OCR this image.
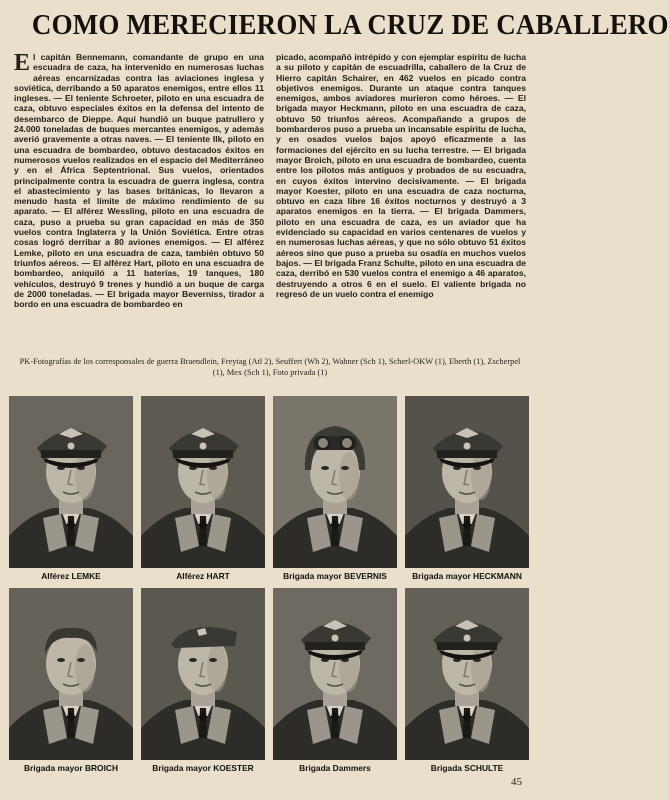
COMO MERECIERON LA CRUZ DE CABALLERO
El capitán Bennemann, comandante de grupo en una escuadra de caza, ha intervenido en numerosas luchas aéreas encarnizadas contra las aviaciones inglesa y soviética, derribando a 50 aparatos enemigos, entre ellos 11 ingleses. — El teniente Schroeter, piloto en una escuadra de caza, obtuvo especiales éxitos en la defensa del intento de desembarco de Dieppe. Aquí hundió un buque patrullero y 24.000 toneladas de buques mercantes enemigos, y además averió gravemente a otras naves. — El teniente Ilk, piloto en una escuadra de bombardeo, obtuvo destacados éxitos en numerosos vuelos realizados en el espacio del Mediterráneo y en el África Septentrional. Sus vuelos, orientados principalmente contra la escuadra de guerra inglesa, contra el abastecimiento y las bases británicas, lo llevaron a menudo hasta el límite de máximo rendimiento de su aparato. — El alférez Wessling, piloto en una escuadra de caza, puso a prueba su gran capacidad en más de 350 vuelos contra Inglaterra y la Unión Soviética. Entre otras cosas logró derribar a 80 aviones enemigos. — El alférez Lemke, piloto en una escuadra de caza, también obtuvo 50 triunfos aéreos. — El alférez Hart, piloto en una escuadra de bombardeo, aniquiló a 11 baterías, 19 tanques, 180 vehículos, destruyó 9 trenes y hundió a un buque de carga de 2000 toneladas. — El brigada mayor Beverniss, tirador a bordo en una escuadra de bombardeo en
picado, acompañó intrépido y con ejemplar espíritu de lucha a su piloto y capitán de escuadrilla, caballero de la Cruz de Hierro capitán Schairer, en 462 vuelos en picado contra objetivos enemigos. Durante un ataque contra tanques enemigos, ambos aviadores murieron como héroes. — El brigada mayor Heckmann, piloto en una escuadra de caza, obtuvo 50 triunfos aéreos. Acompañando a grupos de bombarderos puso a prueba un incansable espíritu de lucha, y en osados vuelos bajos apoyó eficazmente a las formaciones del ejército en su lucha terrestre. — El brigada mayor Broich, piloto en una escuadra de bombardeo, cuenta entre los pilotos más antiguos y probados de su escuadra, en cuyos éxitos intervino decisivamente. — El brigada mayor Koester, piloto en una escuadra de caza nocturna, obtuvo en caza libre 16 éxitos nocturnos y destruyó a 3 aparatos enemigos en la tierra. — El brigada Dammers, piloto en una escuadra de caza, es un aviador que ha evidenciado su capacidad en varios centenares de vuelos y en numerosas luchas aéreas, y que no sólo obtuvo 51 éxitos aéreos sino que puso a prueba su osadía en muchos vuelos bajos. — El brigada Franz Schulte, piloto en una escuadra de caza, derribó en 530 vuelos contra el enemigo a 46 aparatos, destruyendo a otros 6 en el suelo. El valiente brigada no regresó de un vuelo contra el enemigo
PK-Fotografías de los corresponsales de guerra Braendlein, Freytag (Atl 2), Seuffert (Wh 2), Wahner (Sch 1), Scherl-OKW (1), Eberth (1), Zscherpel (1), Mex (Sch 1), Foto privada (1)
Alférez LEMKE	Alférez HART	Brigada mayor BEVERNIS	Brigada mayor HECKMANN
Brigada mayor BROICH	Brigada mayor KOESTER	Brigada Dammers	Brigada SCHULTE
45
